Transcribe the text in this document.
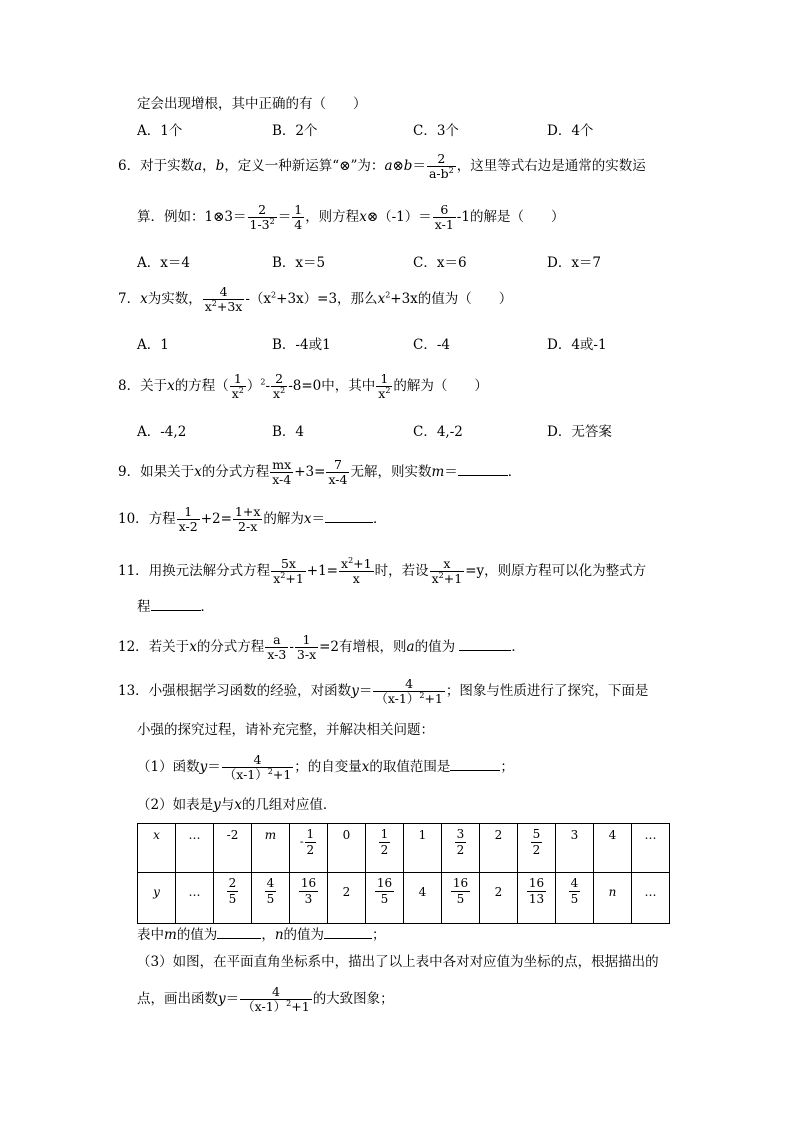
定会出现增根，其中正确的有（　　）
A．1个	B．2个	C．3个	D．4个
6．对于实数a，b，定义一种新运算“⊗”为：a⊗b＝ $\frac{2}{a-b^2}$ ，这里等式右边是通常的实数运
算．例如：1⊗3＝ $\frac{2}{1-3^2} = \frac{1}{4}$ ，则方程x⊗（-1）＝ $\frac{6}{x-1} -1$的解是（　　）
A．x＝4	B．x＝5	C．x＝6	D．x＝7
7．x为实数， $\frac{4}{x^2+3x} -(x^2+3x)=3$，那么$x^2+3x$的值为（　　）
A．1	B．-4或1	C．-4	D．4或-1
8．关于x的方程（ $\frac{1}{x^2} )^2- \frac{2}{x^2} -8=0$中，其中 $\frac{1}{x^2}$ 的解为（　　）
A．-4,2	B．4	C．4,-2	D．无答案
9．如果关于x的分式方程 $\frac{mx}{x-4} +3= \frac{7}{x-4}$ 无解，则实数m＝	．
10．方程 $\frac{1}{x-2} +2= \frac{1+x}{2-x}$ 的解为x＝	．
11．用换元法解分式方程 $\frac{5x}{x^2+1} +1= \frac{x^2+1}{x}$ 时，若设 $\frac{x}{x^2+1} =y$，则原方程可以化为整式方
程	．
12．若关于x的分式方程 $\frac{a}{x-3} - \frac{1}{3-x} =2$有增根，则a的值为	．
13．小强根据学习函数的经验，对函数$y= \frac{4}{(x-1)^2+1}$ ；图象与性质进行了探究，下面是
小强的探究过程，请补充完整，并解决相关问题：
（1）函数$y= \frac{4}{(x-1)^2+1}$ ；的自变量x的取值范围是	；
（2）如表是y与x的几组对应值．
x	…	-2	m	- $\frac{1}{2}$	0	$\frac{1}{2}$	1	$\frac{3}{2}$	2	$\frac{5}{2}$	3	4	…

y	…	$\frac{2}{5}$	$\frac{4}{5}$	$\frac{16}{3}$	2	$\frac{16}{5}$	4	$\frac{16}{5}$	2	$\frac{16}{13}$	$\frac{4}{5}$	n	…
表中m的值为	，n的值为	；
（3）如图，在平面直角坐标系中，描出了以上表中各对对应值为坐标的点，根据描出的
点，画出函数$y= \frac{4}{(x-1)^2+1}$ 的大致图象；
